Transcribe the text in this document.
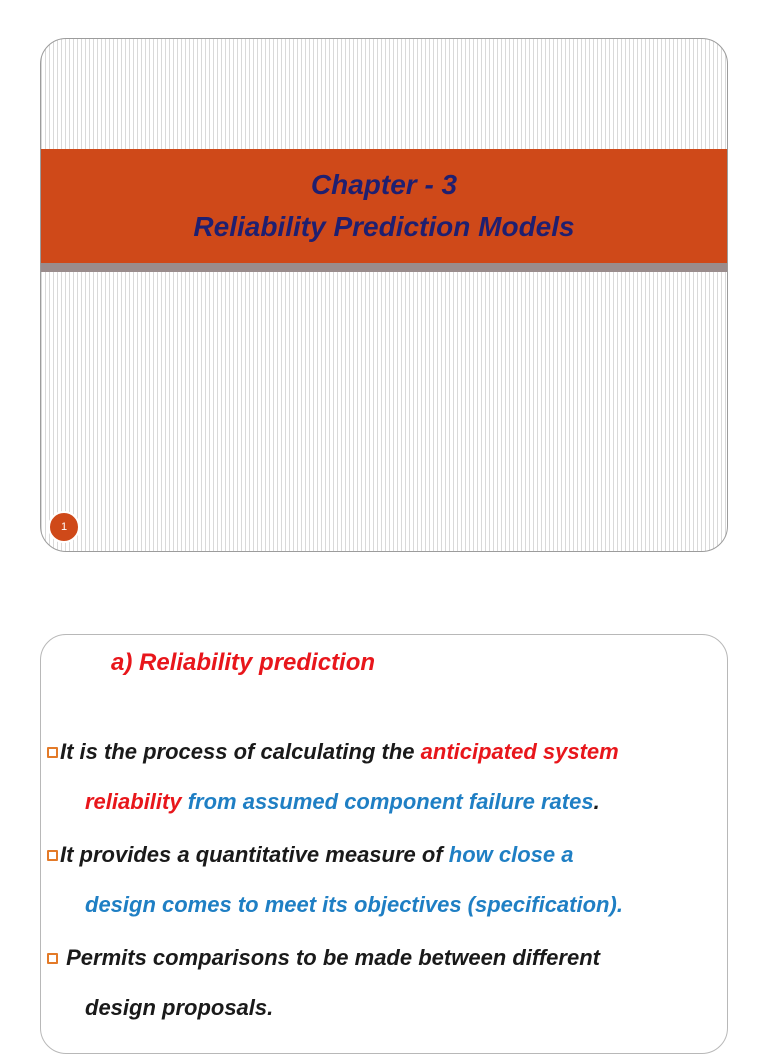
Chapter - 3
Reliability Prediction Models
1
a) Reliability prediction
It is the process of calculating the anticipated system
reliability from assumed component failure rates.
It provides a quantitative measure of how close a
design comes to meet its objectives (specification).
Permits comparisons to be made between different
design proposals.
